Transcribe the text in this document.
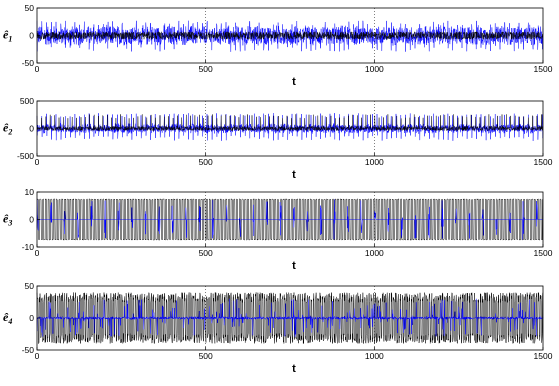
0	500	1000	1500
50
0
-50
t
$ê_1$
0	500	1000	1500
500
0
-500
t
$ê_2$
0	500	1000	1500
10
0
-10
t
$ê_3$
0	500	1000	1500
50
0
-50
t
$ê_4$
